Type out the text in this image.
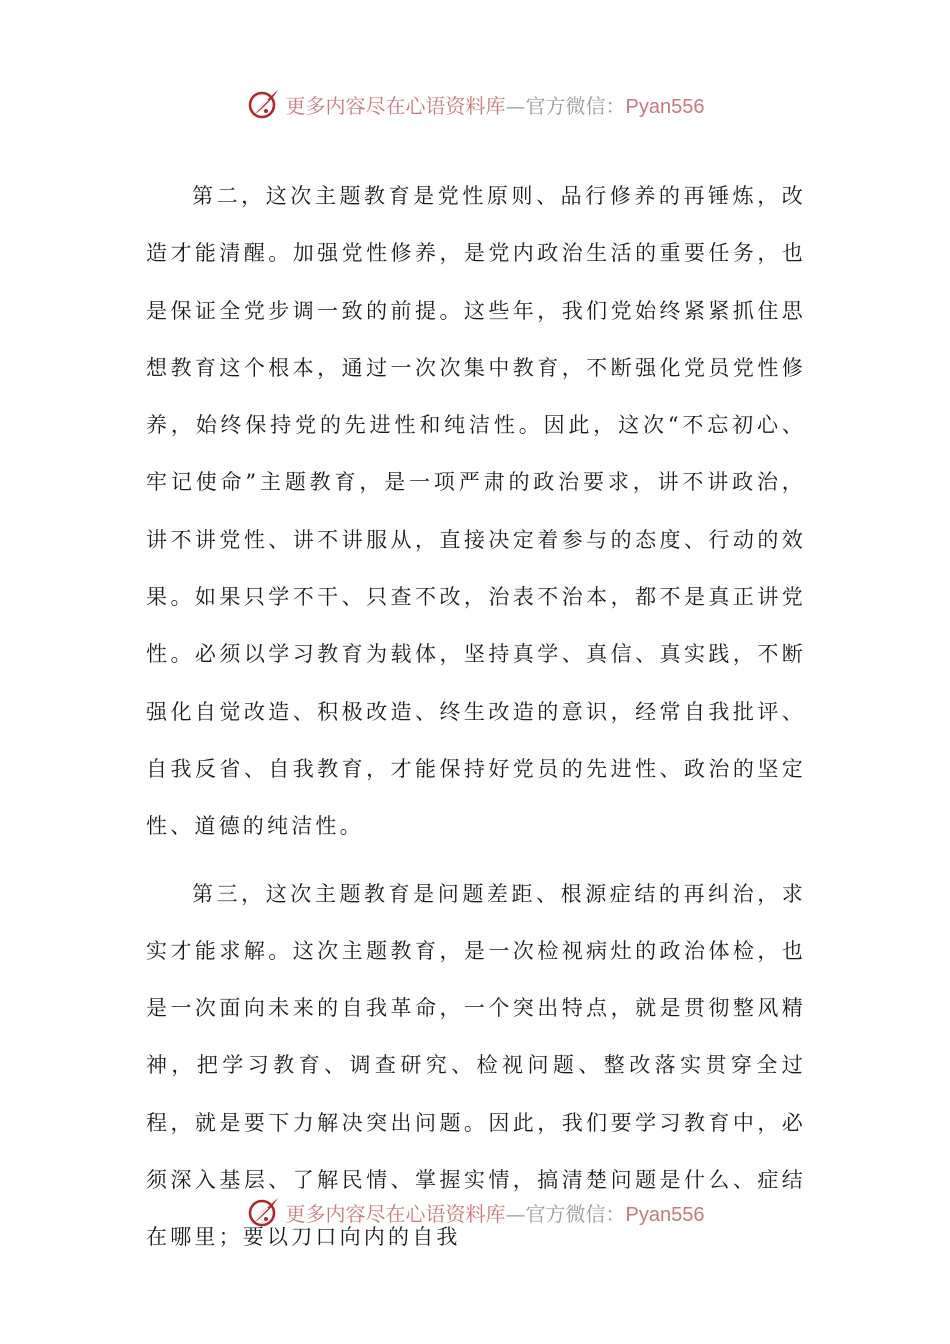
更多内容尽在心语资料库—官方微信：Pyan556

第二，这次主题教育是党性原则、品行修养的再锤炼，改造才能清醒。加强党性修养，是党内政治生活的重要任务，也是保证全党步调一致的前提。这些年，我们党始终紧紧抓住思想教育这个根本，通过一次次集中教育，不断强化党员党性修养，始终保持党的先进性和纯洁性。因此，这次“不忘初心、牢记使命”主题教育，是一项严肃的政治要求，讲不讲政治，讲不讲党性、讲不讲服从，直接决定着参与的态度、行动的效果。如果只学不干、只查不改，治表不治本，都不是真正讲党性。必须以学习教育为载体，坚持真学、真信、真实践，不断强化自觉改造、积极改造、终生改造的意识，经常自我批评、自我反省、自我教育，才能保持好党员的先进性、政治的坚定性、道德的纯洁性。

第三，这次主题教育是问题差距、根源症结的再纠治，求实才能求解。这次主题教育，是一次检视病灶的政治体检，也是一次面向未来的自我革命，一个突出特点，就是贯彻整风精神，把学习教育、调查研究、检视问题、整改落实贯穿全过程，就是要下力解决突出问题。因此，我们要学习教育中，必须深入基层、了解民情、掌握实情，搞清楚问题是什么、症结在哪里；要以刀口向内的自我

更多内容尽在心语资料库—官方微信：Pyan556
